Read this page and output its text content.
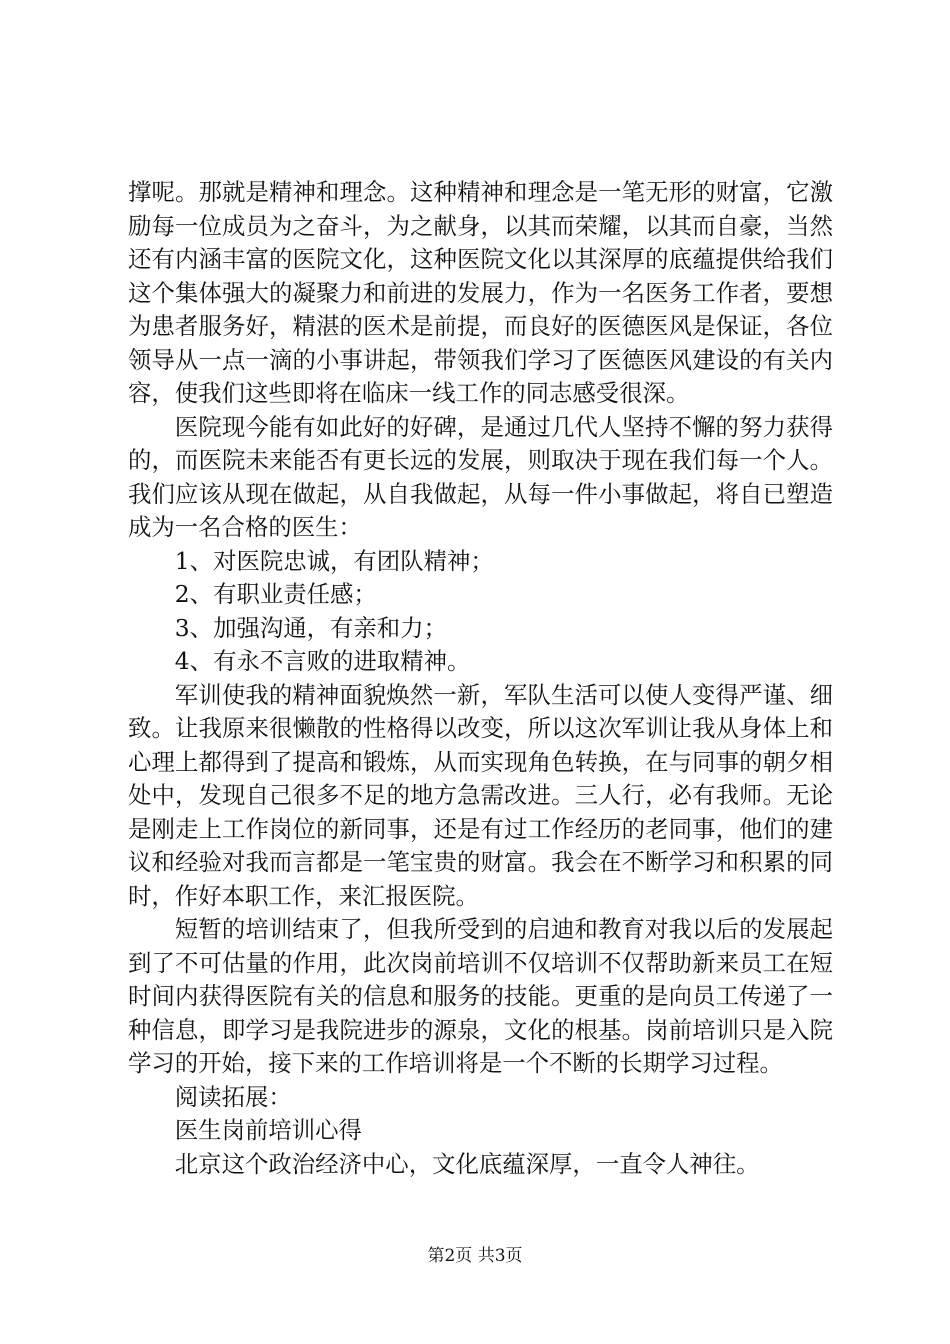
撑呢。那就是精神和理念。这种精神和理念是一笔无形的财富，它激励每一位成员为之奋斗，为之献身，以其而荣耀，以其而自豪，当然还有内涵丰富的医院文化，这种医院文化以其深厚的底蕴提供给我们这个集体强大的凝聚力和前进的发展力，作为一名医务工作者，要想为患者服务好，精湛的医术是前提，而良好的医德医风是保证，各位领导从一点一滴的小事讲起，带领我们学习了医德医风建设的有关内容，使我们这些即将在临床一线工作的同志感受很深。

医院现今能有如此好的好碑，是通过几代人坚持不懈的努力获得的，而医院未来能否有更长远的发展，则取决于现在我们每一个人。我们应该从现在做起，从自我做起，从每一件小事做起，将自已塑造成为一名合格的医生：

1、对医院忠诚，有团队精神；

2、有职业责任感；

3、加强沟通，有亲和力；

4、有永不言败的进取精神。

军训使我的精神面貌焕然一新，军队生活可以使人变得严谨、细致。让我原来很懒散的性格得以改变，所以这次军训让我从身体上和心理上都得到了提高和锻炼，从而实现角色转换，在与同事的朝夕相处中，发现自己很多不足的地方急需改进。三人行，必有我师。无论是刚走上工作岗位的新同事，还是有过工作经历的老同事，他们的建议和经验对我而言都是一笔宝贵的财富。我会在不断学习和积累的同时，作好本职工作，来汇报医院。

短暂的培训结束了，但我所受到的启迪和教育对我以后的发展起到了不可估量的作用，此次岗前培训不仅培训不仅帮助新来员工在短时间内获得医院有关的信息和服务的技能。更重的是向员工传递了一种信息，即学习是我院进步的源泉，文化的根基。岗前培训只是入院学习的开始，接下来的工作培训将是一个不断的长期学习过程。

阅读拓展：

医生岗前培训心得

北京这个政治经济中心，文化底蕴深厚，一直令人神往。

第2页 共3页
